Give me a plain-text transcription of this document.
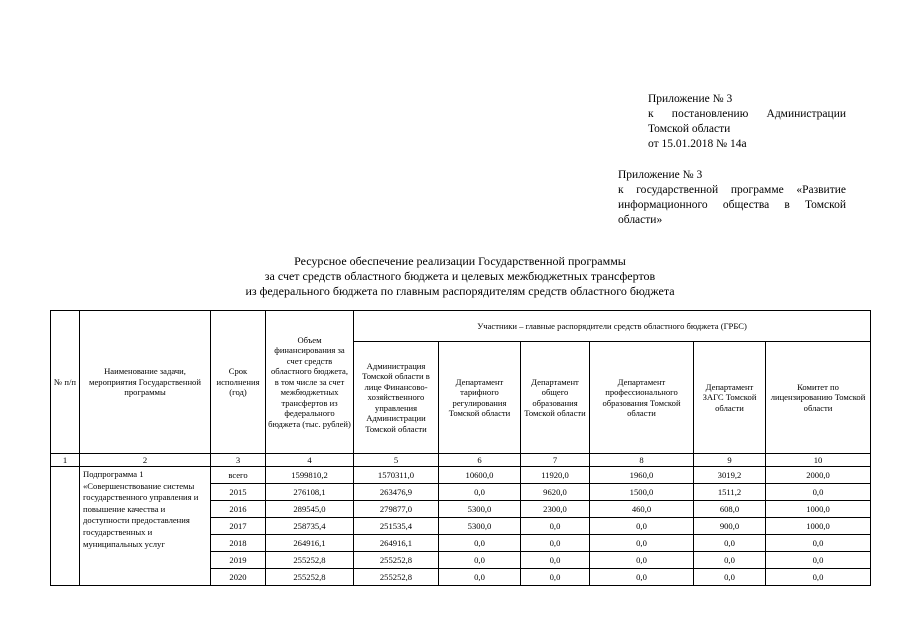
Приложение № 3
к постановлению Администрации
Томской области
от 15.01.2018 № 14а
Приложение № 3
к государственной программе «Развитие
информационного общества в Томской
области»
Ресурсное обеспечение реализации Государственной программы
за счет средств областного бюджета и целевых межбюджетных трансфертов
из федерального бюджета по главным распорядителям средств областного бюджета
№ п/п	Наименование задачи, мероприятия Государственной программы	Срок исполнения (год)	Объем финансирования за счет средств областного бюджета, в том числе за счет межбюджетных трансфертов из федерального бюджета (тыс. рублей)	Участники – главные распорядители средств областного бюджета (ГРБС)					
				Администрация Томской области в лице Финансово-хозяйственного управления Администрации Томской области	Департамент тарифного регулирования Томской области	Департамент общего образования Томской области	Департамент профессионального образования Томской области	Департамент ЗАГС Томской области	Комитет по лицензированию Томской области
1	2	3	4	5	6	7	8	9	10
	Подпрограмма 1 «Совершенствование системы государственного управления и повышение качества и доступности предоставления государственных и муниципальных услуг	всего	1599810,2	1570311,0	10600,0	11920,0	1960,0	3019,2	2000,0
		2015	276108,1	263476,9	0,0	9620,0	1500,0	1511,2	0,0
		2016	289545,0	279877,0	5300,0	2300,0	460,0	608,0	1000,0
		2017	258735,4	251535,4	5300,0	0,0	0,0	900,0	1000,0
		2018	264916,1	264916,1	0,0	0,0	0,0	0,0	0,0
		2019	255252,8	255252,8	0,0	0,0	0,0	0,0	0,0
		2020	255252,8	255252,8	0,0	0,0	0,0	0,0	0,0
